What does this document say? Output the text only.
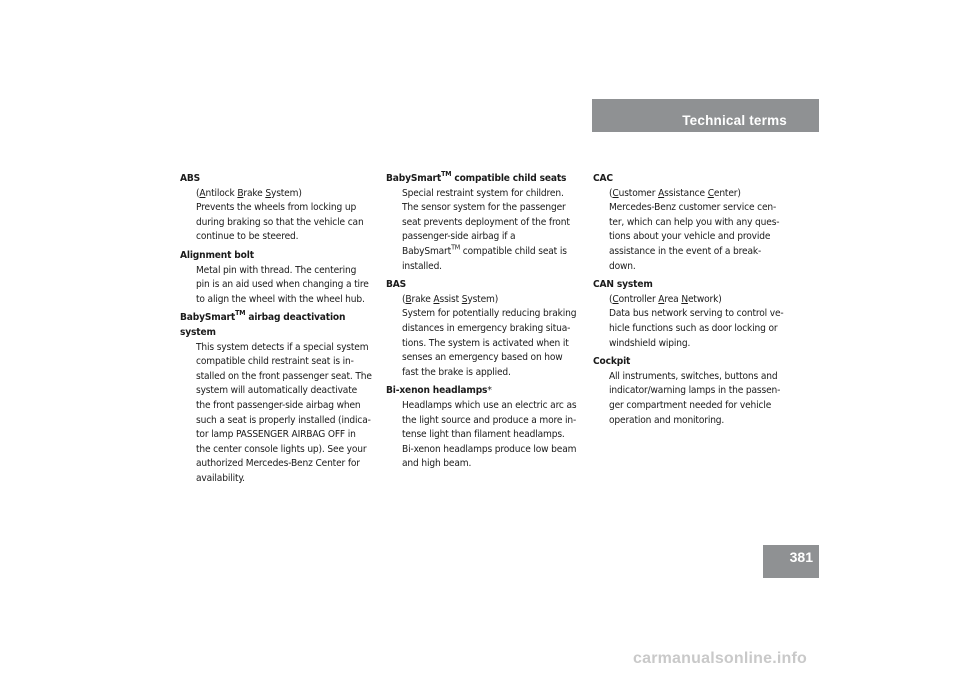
Technical terms
ABS
(Antilock Brake System)
Prevents the wheels from locking up
during braking so that the vehicle can
continue to be steered.
Alignment bolt
Metal pin with thread. The centering
pin is an aid used when changing a tire
to align the wheel with the wheel hub.
BabySmart™ airbag deactivation
system
This system detects if a special system
compatible child restraint seat is in-
stalled on the front passenger seat. The
system will automatically deactivate
the front passenger-side airbag when
such a seat is properly installed (indica-
tor lamp PASSENGER AIRBAG OFF in
the center console lights up). See your
authorized Mercedes-Benz Center for
availability.
BabySmart™ compatible child seats
Special restraint system for children.
The sensor system for the passenger
seat prevents deployment of the front
passenger-side airbag if a
BabySmart™ compatible child seat is
installed.
BAS
(Brake Assist System)
System for potentially reducing braking
distances in emergency braking situa-
tions. The system is activated when it
senses an emergency based on how
fast the brake is applied.
Bi-xenon headlamps*
Headlamps which use an electric arc as
the light source and produce a more in-
tense light than filament headlamps.
Bi-xenon headlamps produce low beam
and high beam.
CAC
(Customer Assistance Center)
Mercedes-Benz customer service cen-
ter, which can help you with any ques-
tions about your vehicle and provide
assistance in the event of a break-
down.
CAN system
(Controller Area Network)
Data bus network serving to control ve-
hicle functions such as door locking or
windshield wiping.
Cockpit
All instruments, switches, buttons and
indicator/warning lamps in the passen-
ger compartment needed for vehicle
operation and monitoring.
381
carmanualsonline.info
